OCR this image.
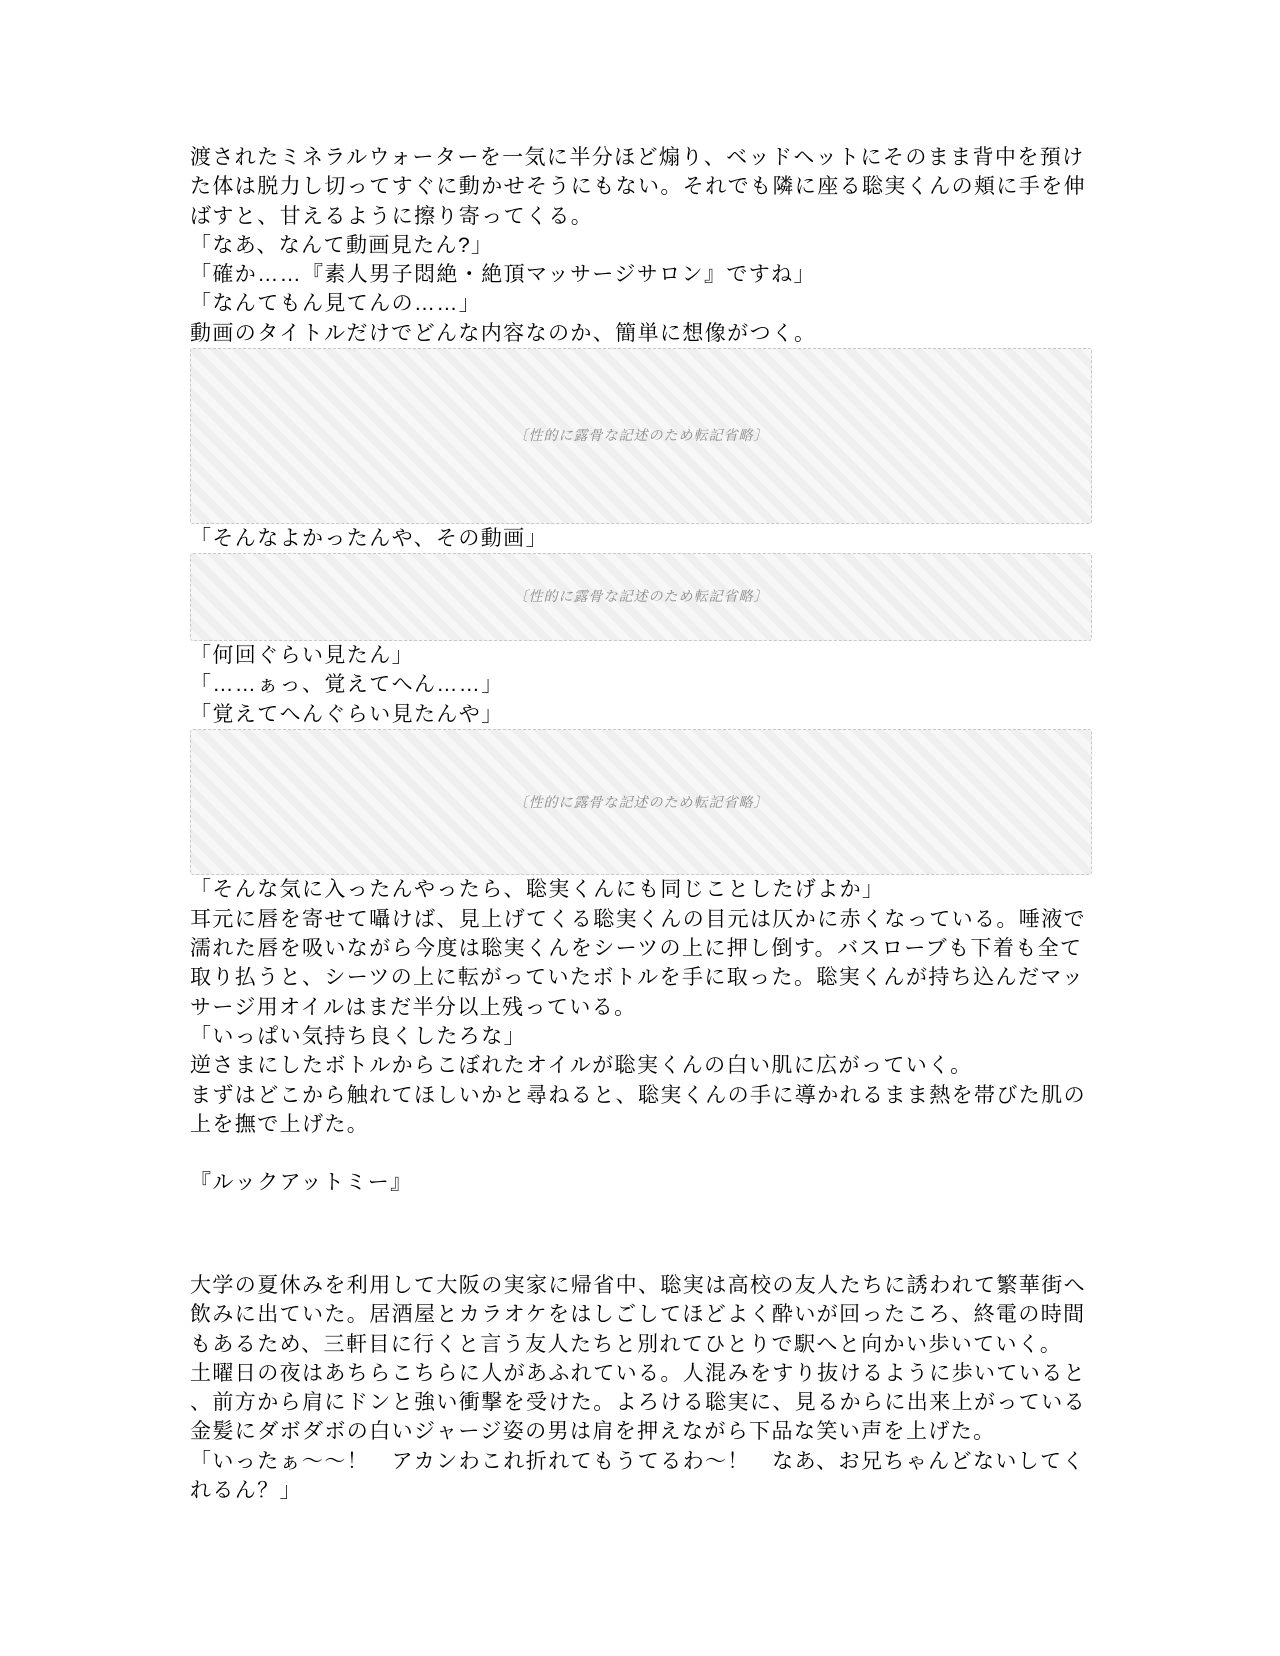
渡されたミネラルウォーターを一気に半分ほど煽り、ベッドヘットにそのまま背中を預けた体は脱力し切ってすぐに動かせそうにもない。それでも隣に座る聡実くんの頬に手を伸ばすと、甘えるように擦り寄ってくる。
「なあ、なんて動画見たん?」
「確か……『素人男子悶絶・絶頂マッサージサロン』ですね」
「なんてもん見てんの……」
動画のタイトルだけでどんな内容なのか、簡単に想像がつく。
〔性的に露骨な記述のため転記省略〕
「そんなよかったんや、その動画」
〔性的に露骨な記述のため転記省略〕
「何回ぐらい見たん」
「……ぁっ、覚えてへん……」
「覚えてへんぐらい見たんや」
〔性的に露骨な記述のため転記省略〕
「そんな気に入ったんやったら、聡実くんにも同じことしたげよか」
耳元に唇を寄せて囁けば、見上げてくる聡実くんの目元は仄かに赤くなっている。唾液で濡れた唇を吸いながら今度は聡実くんをシーツの上に押し倒す。バスローブも下着も全て取り払うと、シーツの上に転がっていたボトルを手に取った。聡実くんが持ち込んだマッサージ用オイルはまだ半分以上残っている。
「いっぱい気持ち良くしたろな」
逆さまにしたボトルからこぼれたオイルが聡実くんの白い肌に広がっていく。
まずはどこから触れてほしいかと尋ねると、聡実くんの手に導かれるまま熱を帯びた肌の上を撫で上げた。
『ルックアットミー』
大学の夏休みを利用して大阪の実家に帰省中、聡実は高校の友人たちに誘われて繁華街へ飲みに出ていた。居酒屋とカラオケをはしごしてほどよく酔いが回ったころ、終電の時間もあるため、三軒目に行くと言う友人たちと別れてひとりで駅へと向かい歩いていく。
土曜日の夜はあちらこちらに人があふれている。人混みをすり抜けるように歩いていると、前方から肩にドンと強い衝撃を受けた。よろける聡実に、見るからに出来上がっている金髪にダボダボの白いジャージ姿の男は肩を押えながら下品な笑い声を上げた。
「いったぁ〜〜！　アカンわこれ折れてもうてるわ〜！　なあ、お兄ちゃんどないしてくれるん？」
